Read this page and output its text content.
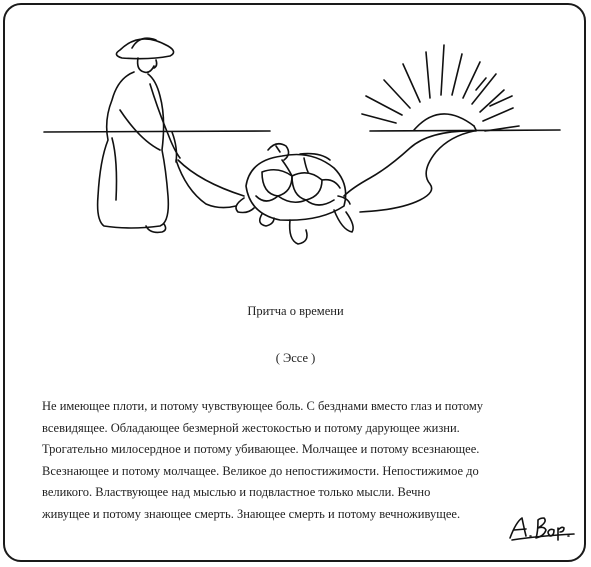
Притча о времени
( Эссе )
Не имеющее плоти, и потому чувствующее боль. С безднами вместо глаз и потому
всевидящее. Обладающее безмерной жестокостью и потому дарующее жизни.
Трогательно милосердное и потому убивающее. Молчащее и потому всезнающее.
Всезнающее и потому молчащее. Великое до непостижимости. Непостижимое до
великого. Властвующее над мыслью и подвластное только мысли. Вечно
живущее и потому знающее смерть. Знающее смерть и потому вечноживущее.
